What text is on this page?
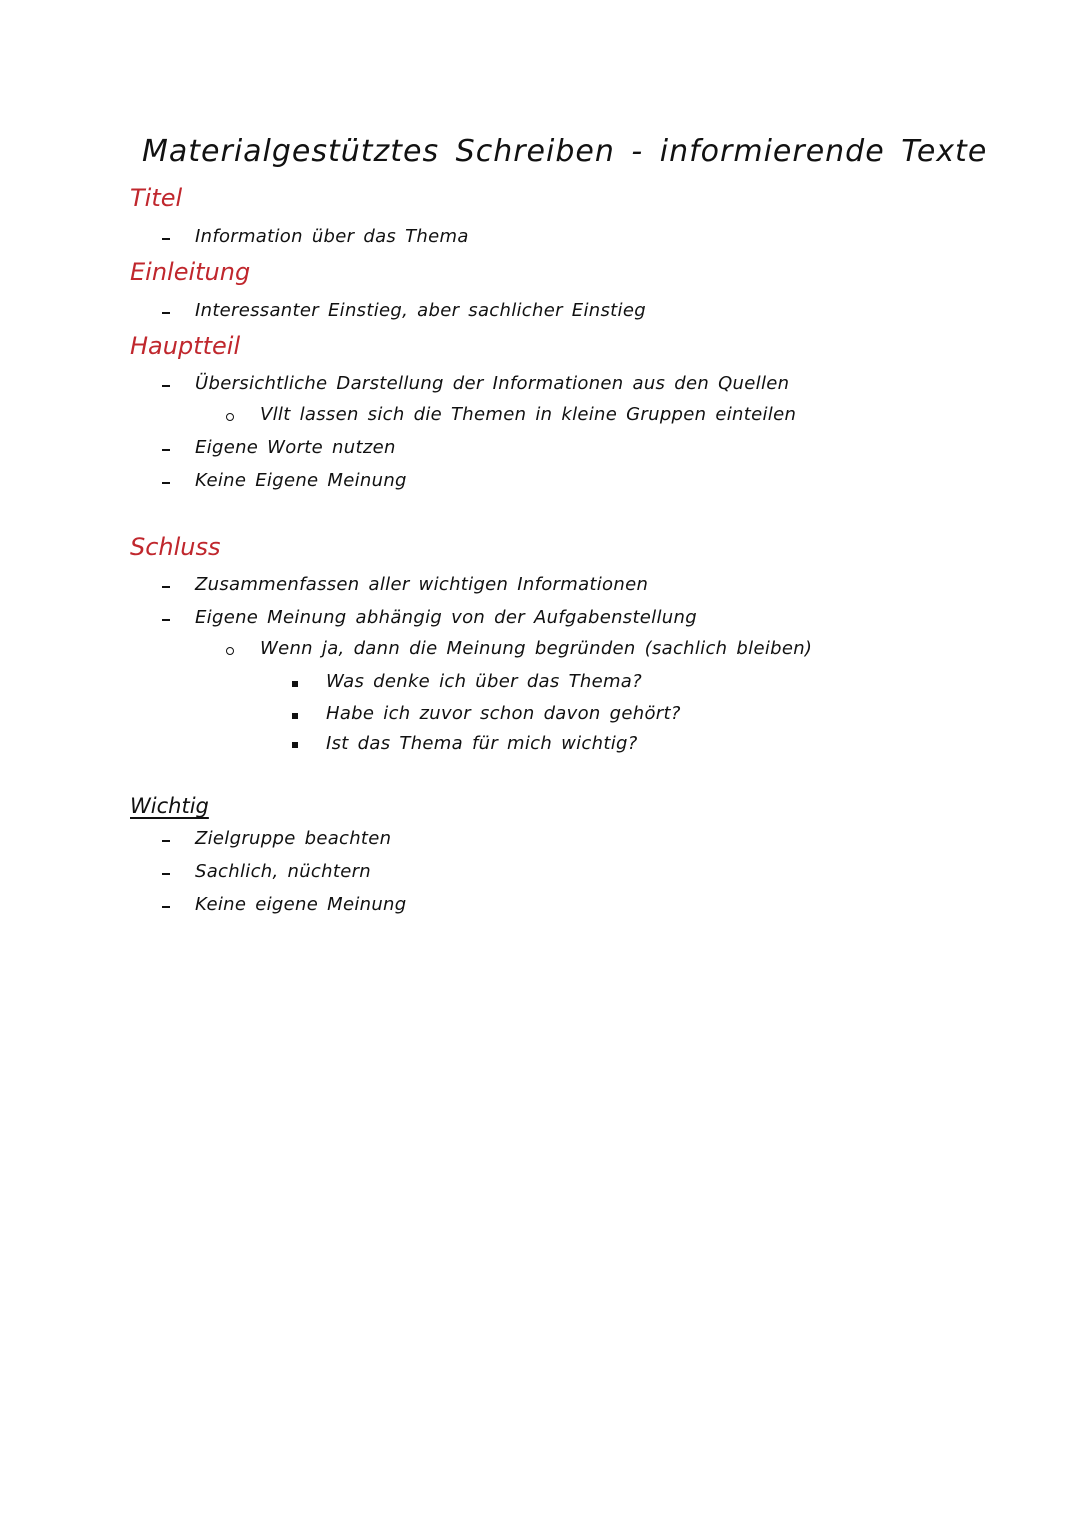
Materialgestütztes Schreiben - informierende Texte
Titel
Information über das Thema
Einleitung
Interessanter Einstieg, aber sachlicher Einstieg
Hauptteil
Übersichtliche Darstellung der Informationen aus den Quellen
Vllt lassen sich die Themen in kleine Gruppen einteilen
Eigene Worte nutzen
Keine Eigene Meinung
Schluss
Zusammenfassen aller wichtigen Informationen
Eigene Meinung abhängig von der Aufgabenstellung
Wenn ja, dann die Meinung begründen (sachlich bleiben)
Was denke ich über das Thema?
Habe ich zuvor schon davon gehört?
Ist das Thema für mich wichtig?
Wichtig
Zielgruppe beachten
Sachlich, nüchtern
Keine eigene Meinung
